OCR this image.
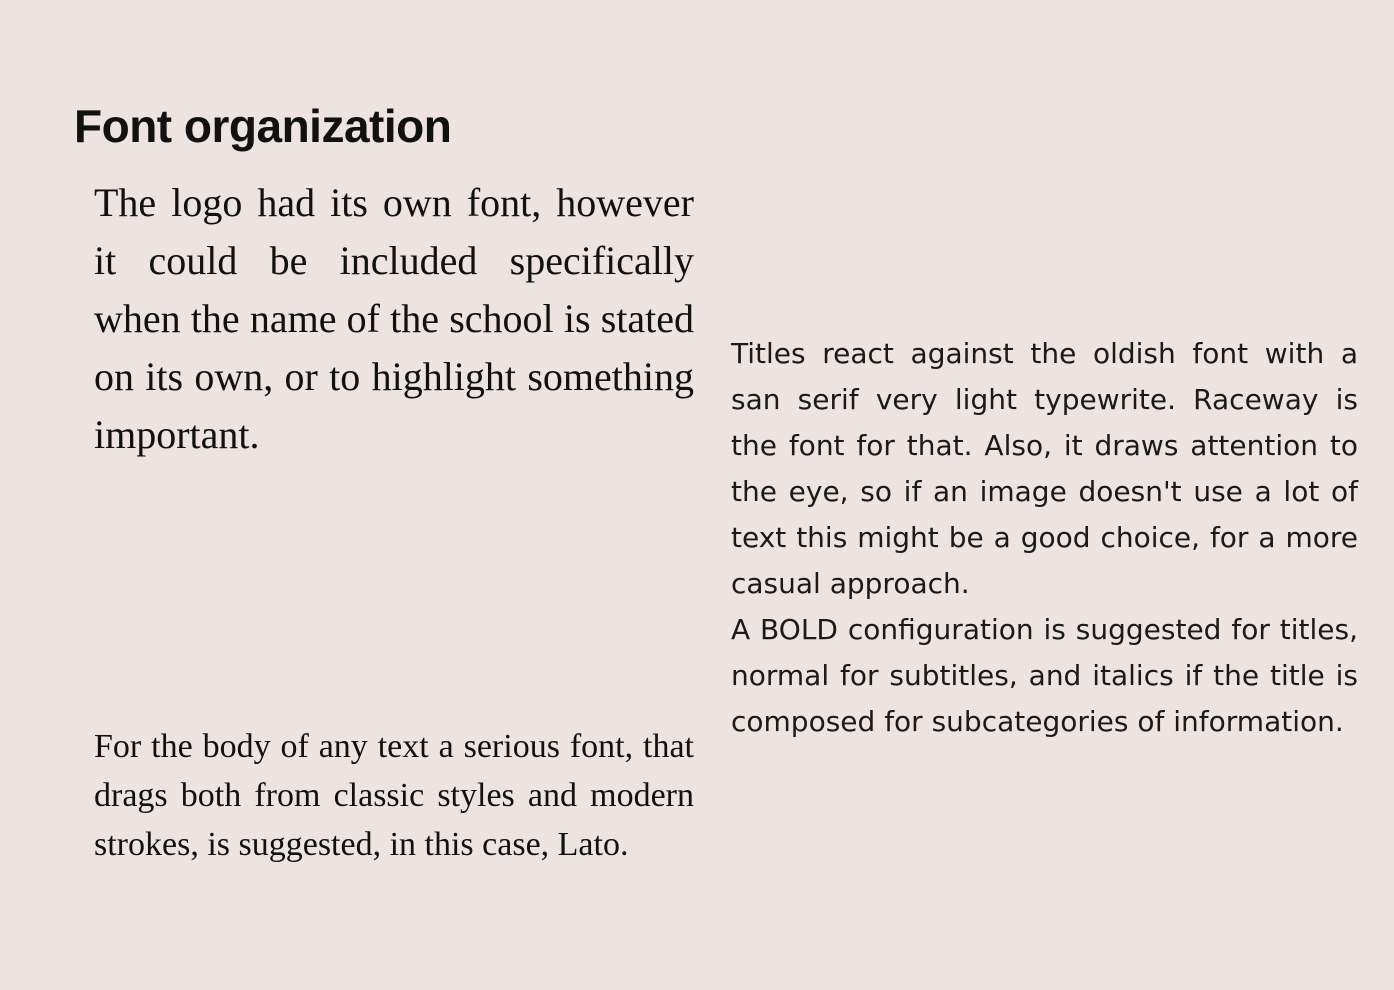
Font organization

The logo had its own font, however it could be included specifically when the name of the school is stated on its own, or to highlight something important.

For the body of any text a serious font, that drags both from classic styles and modern strokes, is suggested, in this case, Lato.

Titles react against the oldish font with a san serif very light typewrite. Raceway is the font for that. Also, it draws attention to the eye, so if an image doesn't use a lot of text this might be a good choice, for a more casual approach.

A BOLD configuration is suggested for titles, normal for subtitles, and italics if the title is composed for subcategories of information.
